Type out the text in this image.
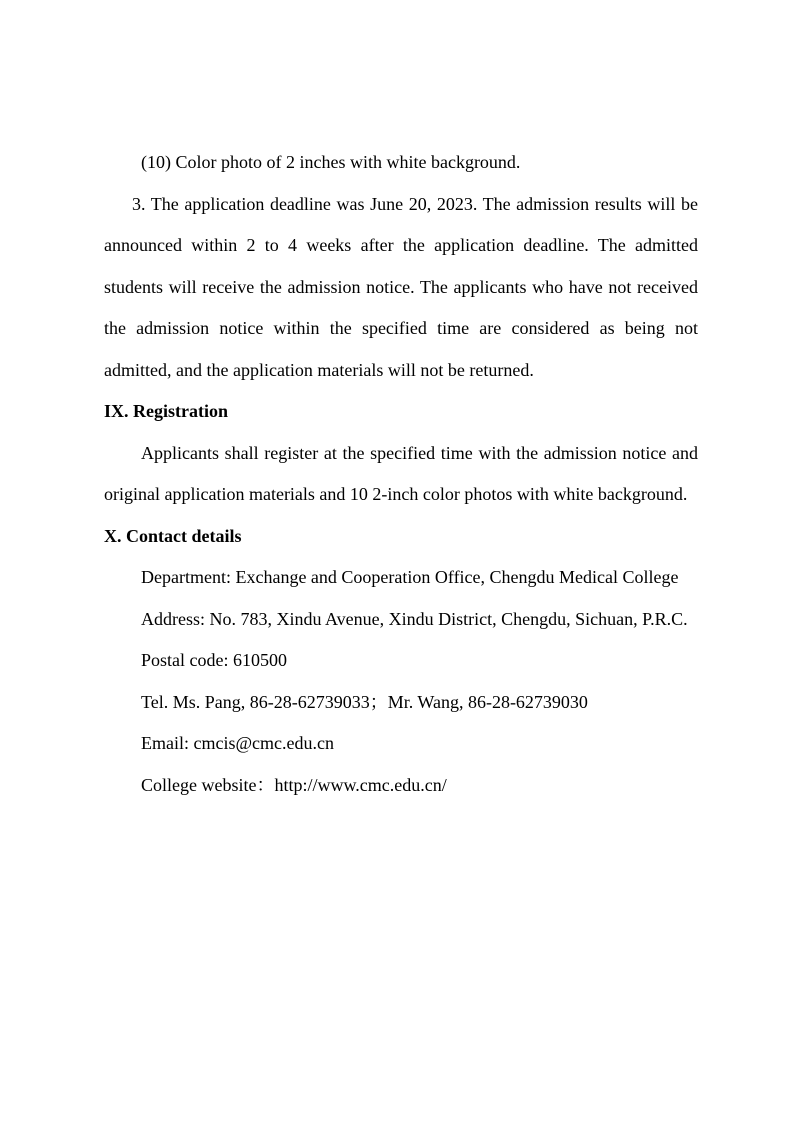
(10) Color photo of 2 inches with white background.

3. The application deadline was June 20, 2023. The admission results will be announced within 2 to 4 weeks after the application deadline. The admitted students will receive the admission notice. The applicants who have not received the admission notice within the specified time are considered as being not admitted, and the application materials will not be returned.

IX. Registration

Applicants shall register at the specified time with the admission notice and original application materials and 10 2-inch color photos with white background.

X. Contact details

Department: Exchange and Cooperation Office, Chengdu Medical College

Address: No. 783, Xindu Avenue, Xindu District, Chengdu, Sichuan, P.R.C.

Postal code: 610500

Tel. Ms. Pang, 86-28-62739033；Mr. Wang, 86-28-62739030

Email: cmcis@cmc.edu.cn

College website：http://www.cmc.edu.cn/
